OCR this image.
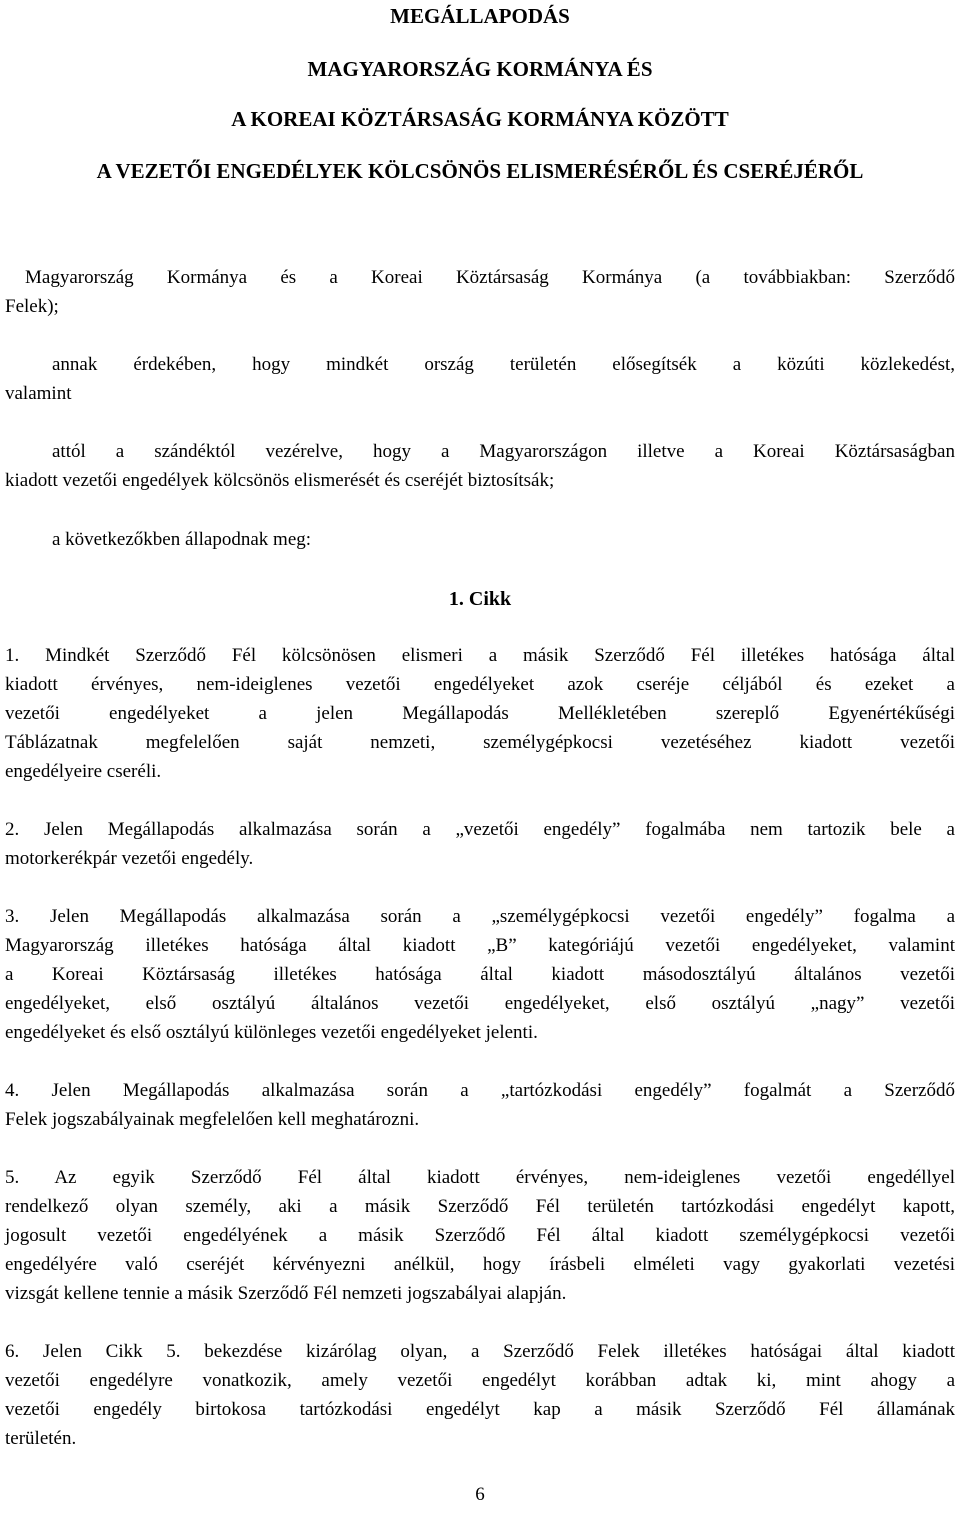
MEGÁLLAPODÁS
MAGYARORSZÁG KORMÁNYA ÉS
A KOREAI KÖZTÁRSASÁG KORMÁNYA KÖZÖTT
A VEZETŐI ENGEDÉLYEK KÖLCSÖNÖS ELISMERÉSÉRŐL ÉS CSERÉJÉRŐL
Magyarország Kormánya és a Koreai Köztársaság Kormánya (a továbbiakban: Szerződő
Felek);
annak érdekében, hogy mindkét ország területén elősegítsék a közúti közlekedést,
valamint
attól a szándéktól vezérelve, hogy a Magyarországon illetve a Koreai Köztársaságban
kiadott vezetői engedélyek kölcsönös elismerését és cseréjét biztosítsák;
a következőkben állapodnak meg:
1. Cikk
1. Mindkét Szerződő Fél kölcsönösen elismeri a másik Szerződő Fél illetékes hatósága által
kiadott érvényes, nem-ideiglenes vezetői engedélyeket azok cseréje céljából és ezeket a
vezetői engedélyeket a jelen Megállapodás Mellékletében szereplő Egyenértékűségi
Táblázatnak megfelelően saját nemzeti, személygépkocsi vezetéséhez kiadott vezetői
engedélyeire cseréli.
2. Jelen Megállapodás alkalmazása során a „vezetői engedély” fogalmába nem tartozik bele a
motorkerékpár vezetői engedély.
3. Jelen Megállapodás alkalmazása során a „személygépkocsi vezetői engedély” fogalma a
Magyarország illetékes hatósága által kiadott „B” kategóriájú vezetői engedélyeket, valamint
a Koreai Köztársaság illetékes hatósága által kiadott másodosztályú általános vezetői
engedélyeket, első osztályú általános vezetői engedélyeket, első osztályú „nagy” vezetői
engedélyeket és első osztályú különleges vezetői engedélyeket jelenti.
4. Jelen Megállapodás alkalmazása során a „tartózkodási engedély” fogalmát a Szerződő
Felek jogszabályainak megfelelően kell meghatározni.
5. Az egyik Szerződő Fél által kiadott érvényes, nem-ideiglenes vezetői engedéllyel
rendelkező olyan személy, aki a másik Szerződő Fél területén tartózkodási engedélyt kapott,
jogosult vezetői engedélyének a másik Szerződő Fél által kiadott személygépkocsi vezetői
engedélyére való cseréjét kérvényezni anélkül, hogy írásbeli elméleti vagy gyakorlati vezetési
vizsgát kellene tennie a másik Szerződő Fél nemzeti jogszabályai alapján.
6. Jelen Cikk 5. bekezdése kizárólag olyan, a Szerződő Felek illetékes hatóságai által kiadott
vezetői engedélyre vonatkozik, amely vezetői engedélyt korábban adtak ki, mint ahogy a
vezetői engedély birtokosa tartózkodási engedélyt kap a másik Szerződő Fél államának
területén.
6
